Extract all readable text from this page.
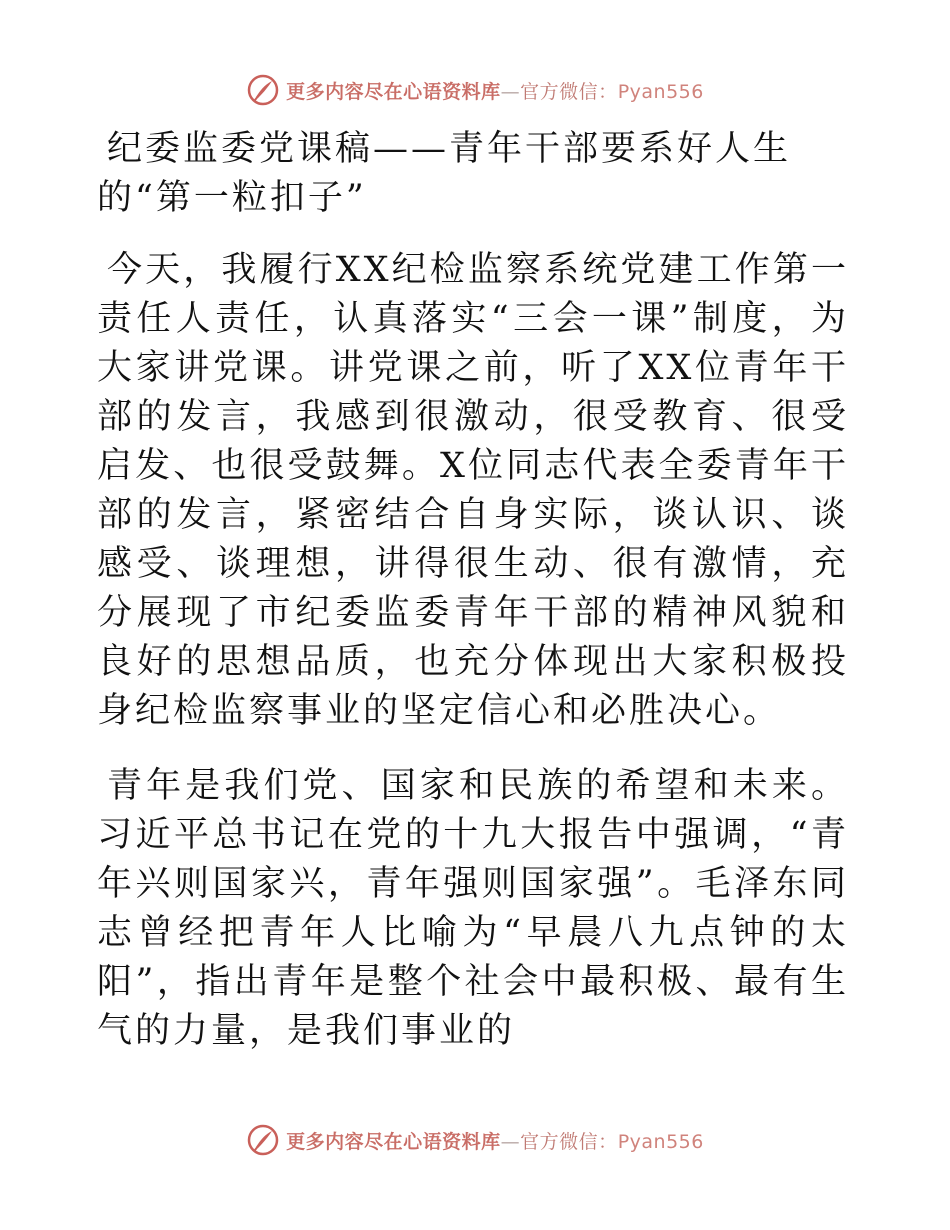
更多内容尽在心语资料库—官方微信：Pyan556
纪委监委党课稿——青年干部要系好人生的“第一粒扣子”

今天，我履行XX纪检监察系统党建工作第一责任人责任，认真落实“三会一课”制度，为大家讲党课。讲党课之前，听了XX位青年干部的发言，我感到很激动，很受教育、很受启发、也很受鼓舞。X位同志代表全委青年干部的发言，紧密结合自身实际，谈认识、谈感受、谈理想，讲得很生动、很有激情，充分展现了市纪委监委青年干部的精神风貌和良好的思想品质，也充分体现出大家积极投身纪检监察事业的坚定信心和必胜决心。

青年是我们党、国家和民族的希望和未来。习近平总书记在党的十九大报告中强调，“青年兴则国家兴，青年强则国家强”。毛泽东同志曾经把青年人比喻为“早晨八九点钟的太阳”，指出青年是整个社会中最积极、最有生气的力量，是我们事业的

更多内容尽在心语资料库—官方微信：Pyan556
